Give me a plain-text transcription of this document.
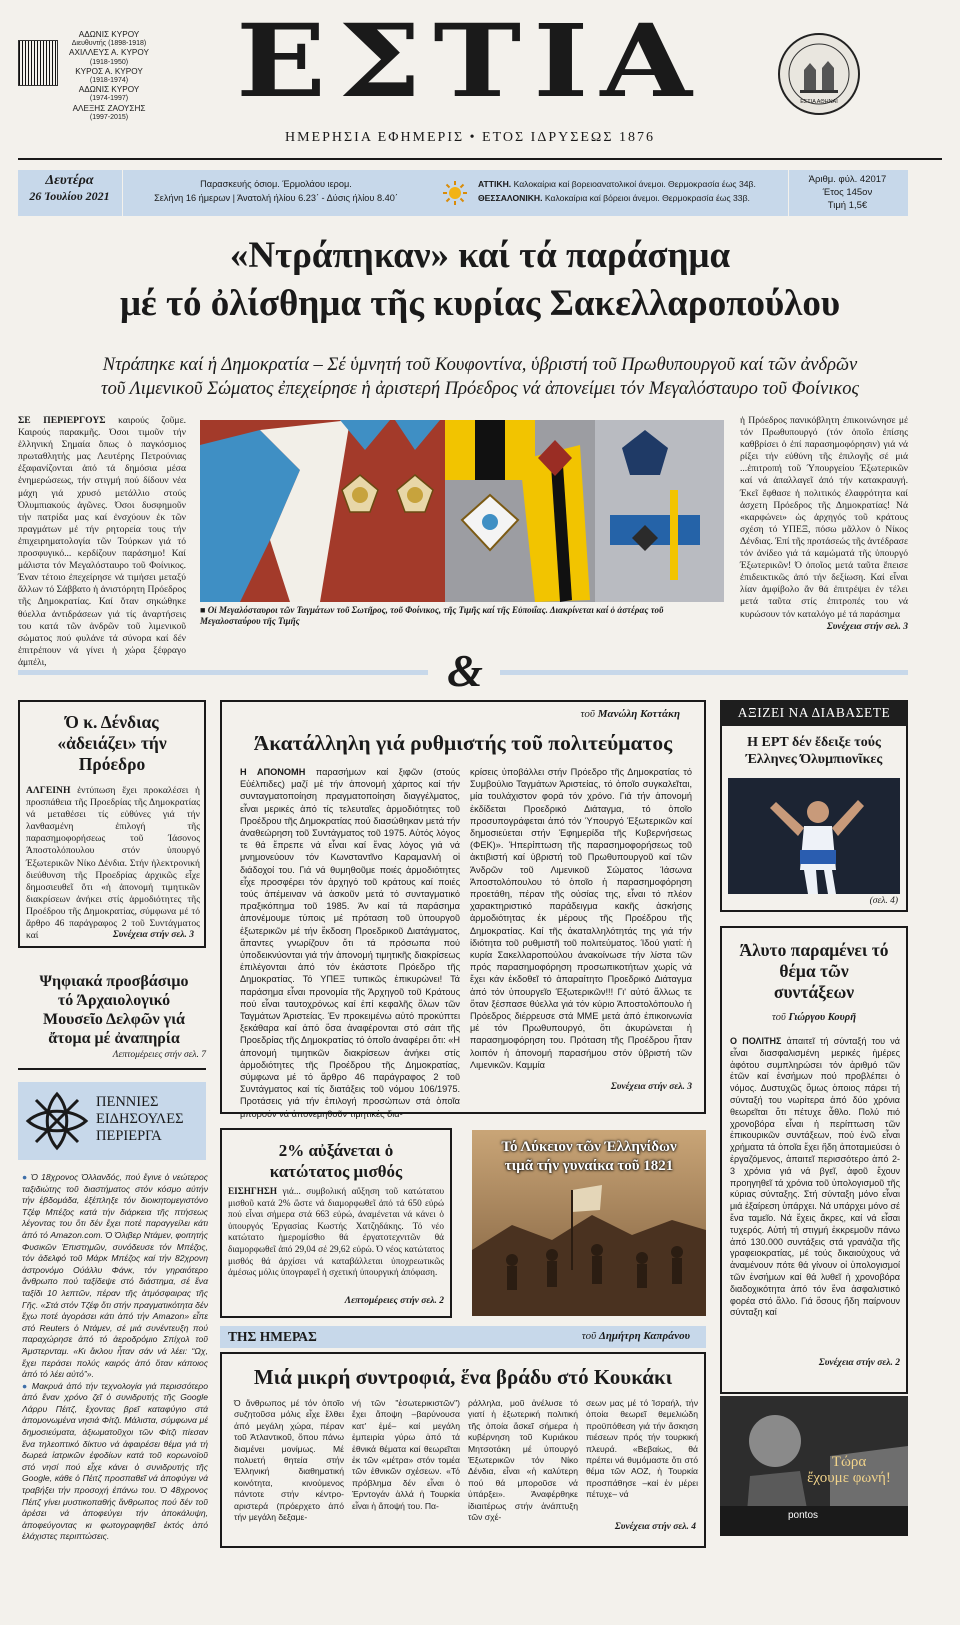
ΑΔΩΝΙΣ ΚΥΡΟΥ
Διευθυντής (1898-1918)
ΑΧΙΛΛΕΥΣ Α. ΚΥΡΟΥ
(1918-1950)
ΚΥΡΟΣ Α. ΚΥΡΟΥ
(1918-1974)
ΑΔΩΝΙΣ ΚΥΡΟΥ
(1974-1997)
ΑΛΕΞΗΣ ΖΑΟΥΣΗΣ
(1997-2015) ΕΣΤΙΑ
ΗΜΕΡΗΣΙΑ ΕΦΗΜΕΡΙΣ • ΕΤΟΣ ΙΔΡΥΣΕΩΣ 1876
ΕΣΤΙΑ ΑΘΗΝΑΙ
Δευτέρα
26 Ἰουλίου 2021
Παρασκευής όσιομ. Έρμολάου ιερομ.
Σελήνη 16 ήμερων | Άνατολή ήλίου 6.23΄ - Δύσις ήλίου 8.40΄
ΑΤΤΙΚΗ. Καλοκαίρια καί βορειοανατολικοί άνεμοι. Θερμοκρασία έως 34β.
ΘΕΣΣΑΛΟΝΙΚΗ. Καλοκαίρια καί βόρειοι άνεμοι. Θερμοκρασία έως 33β.
Άριθμ. φύλ. 42017
Έτος 145ον
Τιμή 1,5€
«Ντράπηκαν» καί τά παράσημα
μέ τό ὀλίσθημα τῆς κυρίας Σακελλαροπούλου
Ντράπηκε καί ἡ Δημοκρατία – Σέ ὑμνητή τοῦ Κουφοντίνα, ὑβριστή τοῦ Πρωθυπουργοῦ καί τῶν ἀνδρῶν
τοῦ Λιμενικοῦ Σώματος ἐπεχείρησε ἡ ἀριστερή Πρόεδρος νά ἀπονείμει τόν Μεγαλόσταυρο τοῦ Φοίνικος
ΣΕ ΠΕΡΙΕΡΓΟΥΣ καιρούς ζοῦμε. Καιρούς παρακμῆς. Όσοι τιμοῦν τήν ἑλληνική Σημαία ὅπως ὁ παγκόσμιος πρωταθλητής μας Λευτέρης Πετρούνιας ἐξαφανίζονται ἀπό τά δημόσια μέσα ἐνημερώσεως, τήν στιγμή πού δίδουν νέα μάχη γιά χρυσό μετάλλιο στούς Όλυμπιακούς ἀγῶνες. Όσοι δυσφημοῦν τήν πατρίδα μας καί ἐνσχύουν ἐκ τῶν πραγμάτων μέ τήν ρητορεία τους τήν ἐπιχειρηματολογία τῶν Τούρκων γιά τό προσφυγικό... κερδίζουν παράσημο! Καί μάλιστα τόν Μεγαλόσταυρο τοῦ Φοίνικος. Έναν τέτοιο ἐπεχείρησε νά τιμήσει μεταξύ ἄλλων τό Σάββατο ἡ ἀνιστόρητη Πρόεδρος τῆς Δημοκρατίας. Καί ὅταν σηκώθηκε θύελλα ἀντιδράσεων γιά τίς ἀναρτήσεις του κατά τῶν ἀνδρῶν τοῦ λιμενικοῦ σώματος πού φυλάνε τά σύνορα καί δέν ἐπιτρέπουν νά γίνει ἡ χώρα ξέφραγο ἀμπέλι,
■ Οἱ Μεγαλόσταυροι τῶν Ταγμάτων τοῦ Σωτῆρος, τοῦ Φοίνικος, τῆς Τιμῆς καί τῆς Εὐποιΐας. Διακρίνεται καί ὁ ἀστέρας τοῦ Μεγαλοσταύρου τῆς Τιμῆς
ἡ Πρόεδρος πανικόβλητη ἐπικοινώνησε μέ τόν Πρωθυπουργό (τόν ὁποῖο ἐπίσης καθβρίσει ὁ ἐπί παρασημοφόρησιν) γιά νά ρίξει τήν εὐθύνη τῆς ἐπιλογῆς σέ μιά ...ἐπιτροπή τοῦ Ύπουργείου Έξωτερικῶν καί νά ἀπαλλαγεῖ ἀπό τήν κατακραυγή. Έκεῖ ἔφθασε ἡ πολιτικός ἐλαφρότητα καί ἀσχετη Πρόεδρος τῆς Δημοκρατίας! Νά «καρφώνει» ὡς ἀρχηγός τοῦ κράτους σχέση τό ΥΠΕΞ, πόσω μᾶλλον ὁ Νίκος Δένδιας. Έπί τῆς προτάσεώς τῆς ἀντέδρασε τόν ἀνίδεο γιά τά καμώματά τῆς ὑπουργό Έξωτερικῶν! Ό ὁποῖος μετά ταῦτα ἔπεισε ἐπιδεικτικῶς ἀπό τήν δεξίωση. Καί εἶναι λίαν ἀμφίβολο ἄν θά ἐπιτρέψει ἐν τέλει μετά ταῦτα στίς ἐπιτροπές του νά κυρώσουν τόν καταλόγο μέ τά παράσημα
Συνέχεια στήν σελ. 3
&
Ό κ. Δένδιας «ἀδειάζει» τήν Πρόεδρο
ΑΛΓΕΙΝΗ ἐντύπωση ἔχει προκαλέσει ἡ προσπάθεια τῆς Προεδρίας τῆς Δημοκρατίας νά μεταθέσει τίς εὐθύνες γιά τήν λανθασμένη ἐπιλογή τῆς παρασημοφορήσεως τοῦ Ίάσονος Άποστολόπουλου στόν ὑπουργό Έξωτερικῶν Νίκο Δένδια. Στήν ἠλεκτρονική διεύθυνση τῆς Προεδρίας ἀρχικῶς εἶχε δημοσιευθεῖ ὅτι «ἡ ἀπονομή τιμητικῶν διακρίσεων ἀνήκει στίς ἁρμοδιότητες τῆς Προέδρου τῆς Δημοκρατίας, σύμφωνα μέ τό ἄρθρο 46 παράγραφος 2 τοῦ Συντάγματος καί	Συνέχεια στήν σελ. 3
Ψηφιακά προσβάσιμο τό Άρχαιολογικό Μουσεῖο Δελφῶν γιά ἄτομα μέ ἀναπηρία
Λεπτομέρειες στήν σελ. 7
ΠΕΝΝΙΕΣ ΕΙΔΗΣΟΥΛΕΣ ΠΕΡΙΕΡΓΑ

● Ό 18χρονος Όλλανδός, πού ἔγινε ὁ νεώτερος ταξιδιώτης τοῦ διαστήματος στόν κόσμο αὐτήν τήν ἑβδομάδα, ἐξέπληξε τόν διοικητομεγιστόνο Τζέφ Μπέζος κατά τήν διάρκεια τῆς πτήσεως λέγοντας του ὅτι δέν ἔχει ποτέ παραγγείλει κάτι ἀπό τό Amazon.com. Ό Όλιβερ Ντάμεν, φοιτητής Φυσικῶν Έπιστημῶν, συνόδευσε τόν Μπέζος, τόν ἀδελφό τοῦ Μάρκ Μπέζος καί τήν 82χρονη ἀστρονόμο Ούάλλυ Φάνκ, τόν γηραιότερο ἄνθρωπο πού ταξίδεψε στό διάστημα, σέ ἕνα ταξίδι 10 λεπτῶν, πέραν τῆς ἀτμόσφαιρας τῆς Γῆς. «Στά στόν Τζέφ ὅτι στήν πραγματικότητα δέν ἔχω ποτέ ἀγοράσει κάτι ἀπό τήν Amazon» εἶπε στό Reuters ὁ Ντάμεν, σέ μιά συνέντευξη πού παραχώρησε ἀπό τό ἀεροδρόμιο Σπίχολ τοῦ Άμστερνταμ. «Κι ἄκλου ἦταν σάν νά λέει: “Ωχ, ἔχει περάσει πολύς καιρός ἀπό ὅταν κάποιος ἀπό τό λέει αὐτό”».

● Μακρυά ἀπό τήν τεχνολογία γιά περισσότερο ἀπό ἕναν χρόνο ζεῖ ὁ συνιδρυτής τῆς Google Λάρρυ Πέιτζ, ἔχοντας βρεῖ καταφύγιο στά ἀπομονωμένα νησιά Φίτζι. Μάλιστα, σύμφωνα μέ δημοσιεύματα, ἀξιωματοῦχοι τῶν Φίτζι πίεσαν ἕνα τηλεοπτικό δίκτυο νά ἀφαιρέσει θέμα γιά τή δωρεά ἰατρικῶν ἐφοδίων κατά τοῦ κορωνοϊοῦ στό νησί πού εἶχε κάνει ὁ συνιδρυτής τῆς Google, κάθε ὁ Πέιτζ προσπαθεῖ νά ἀποφύγει νά τραβήξει τήν προσοχή ἐπάνω του. Ό 48χρονος Πέιτζ γίνει μυστικοπαθής ἄνθρωπος πού δέν τοῦ ἀρέσει νά ἀποφεύγει τήν ἀποκάλυψη, ἀποφεύγοντας κι φωτογραφηθεῖ ἐκτός ἀπό ἐλάχιστες περιπτώσεις.

τοῦ Μανώλη Κοττάκη
Άκατάλληλη γιά ρυθμιστής τοῦ πολιτεύματος
Η ΑΠΟΝΟΜΗ παρασήμων καί ξιφῶν (στούς Εὐέλπιδες) μαζί μέ τήν ἀπονομή χάριτος καί τήν συνταγματοποίηση πραγματοποίηση διαγγέλματος, εἶναι μερικές ἀπό τίς τελευταῖες ἁρμοδιότητες τοῦ Προέδρου τῆς Δημοκρατίας πού διασώθηκαν μετά τήν ἀναθεώρηση τοῦ Συντάγματος τοῦ 1975. Αὐτός λόγος τε θά ἔπρεπε νά εἶναι καί ἕνας λόγος γιά νά μνημονεύουν τόν Κωνσταντῖνο Καραμανλή οἱ διάδοχοί του. Γιά νά θυμηθοῦμε ποιές ἁρμοδιότητες εἶχε προσφέρει τόν ἀρχηγό τοῦ κράτους καί ποιές τούς ἀπέμειναν νά ἀσκοῦν μετά τό συνταγματικό πραξικόπημα τοῦ 1985. Άν καί τά παράσημα ἀπονέμουμε τύποις μέ πρόταση τοῦ ὑπουργοῦ ἐξωτερικῶν μέ τήν ἔκδοση Προεδρικοῦ Διατάγματος, ἅπαντες γνωρίζουν ὅτι τά πρόσωπα πού ὑποδεικνύονται γιά τήν ἀπονομή τιμητικῆς διακρίσεως ἐπιλέγονται ἀπό τόν ἐκάστοτε Πρόεδρο τῆς Δημοκρατίας. Τό ΥΠΕΞ τυπικῶς ἐπικυρώνει! Τά παράσημα εἶναι προνομία τῆς Άρχηγοῦ τοῦ Κράτους πού εἶναι ταυτοχρόνως καί ἐπί κεφαλῆς ὅλων τῶν Ταγμάτων Άριστείας. Έν προκειμένω αὐτό προκύπτει ξεκάθαρα καί ἀπό ὅσα ἀναφέρονται στό σάιτ τῆς Προεδρίας τῆς Δημοκρατίας τό ὁποῖο ἀναφέρει ὅτι: «Η ἀπονομή τιμητικῶν διακρίσεων ἀνήκει στίς ἁρμοδιότητες τῆς Προέδρου τῆς Δημοκρατίας, σύμφωνα μέ τό ἄρθρο 46 παράγραφος 2 τοῦ Συντάγματος καί τίς διατάξεις τοῦ νόμου 106/1975. Προτάσεις γιά τήν ἐπιλογή προσώπων στά ὁποῖα μπορούν νά ἀπονεμηθοῦν τιμητικές δια-
κρίσεις ὑποβάλλει στήν Πρόεδρο τῆς Δημοκρατίας τό Συμβούλιο Ταγμάτων Άριστείας, τό ὁποῖο συγκαλεῖται, μία τουλάχιστον φορά τόν χρόνο. Γιά τήν ἀπονομή ἐκδίδεται Προεδρικό Διάταγμα, τό ὁποῖο προσυπογράφεται ἀπό τόν Ύπουργό Έξωτερικῶν καί δημοσιεύεται στήν Έφημερίδα τῆς Κυβερνήσεως (ΦΕΚ)». Ήπερίπτωση τῆς παρασημοφορήσεως τοῦ ἀκτιβιστή καί ὑβριστή τοῦ Πρωθυπουργοῦ καί τῶν Άνδρῶν τοῦ Λιμενικοῦ Σώματος Ίάσωνα Άποστολόπουλου τό ὁποῖο ἡ παρασημοφόρηση προετάθη, πέραν τῆς οὐσίας της, εἶναι τό πλέον χαρακτηριστικό παράδειγμα κακῆς ἀσκήσης ἁρμοδιότητας ἐκ μέρους τῆς Προέδρου τῆς Δημοκρατίας. Καί τῆς ἀκαταλληλότητάς της γιά τήν ἰδιότητα τοῦ ρυθμιστῆ τοῦ πολιτεύματος. Ίδού γιατί: ἡ κυρία Σακελλαροπούλου ἀνακοίνωσε τήν λίστα τῶν πρός παρασημοφόρηση προσωπικοτήτων χωρίς νά ἔχει κάν ἐκδοθεῖ τό ἀπαραίτητο Προεδρικό Διάταγμα ἀπό τόν ὑπουργεῖο Έξωτερικῶν!!! Γι' αὐτό ἄλλως τε ὅταν ξέσπασε θύελλα γιά τόν κύριο Άποστολόπουλο ἡ Πρόεδρος διέρρευσε στά ΜΜΕ μετά ἀπό ἐπικοινωνία μέ τόν Πρωθυπουργό, ὅτι ἀκυρώνεται ἡ παρασημοφόρηση του. Πρόταση τῆς Προέδρου ἦταν λοιπόν ἡ ἀπονομή παρασήμου στόν ὑβριστή τῶν Λιμενικῶν. Καμμία
Συνέχεια στήν σελ. 3
2% αὐξάνεται ὁ κατώτατος μισθός
ΕΙΣΗΓΗΣΗ γιά... συμβολική αὔξηση τοῦ κατώτατου μισθοῦ κατά 2% ὥστε νά διαμορφωθεῖ ἀπό τά 650 εὐρώ πού εἶναι σήμερα στά 663 εὐρώ, ἀναμένεται νά κάνει ὁ ὑπουργός Έργασίας Κωστής Χατζηδάκης. Τό νέο κατώτατο ἡμερομίσθιο θά ἐργατοτεχνιτῶν θά διαμορφωθεῖ ἀπό 29,04 σέ 29,62 εὐρώ. Ό νέος κατώτατος μισθός θά ἀρχίσει νά καταβάλλεται ὑποχρεωτικῶς ἀμέσως μόλις ὑπογραφεῖ ἡ σχετική ὑπουργική ἀπόφαση.
Λεπτομέρειες στήν σελ. 2
Τό Λύκειον τῶν Έλληνίδων
τιμᾶ τήν γυναίκα τοῦ 1821
ΤΗΣ ΗΜΕΡΑΣ	τοῦ Δημήτρη Καπράνου
Μιά μικρή συντροφιά, ἕνα βράδυ στό Κουκάκι
Ό ἄνθρωπος μέ τόν ὁποῖο συζητοῦσα μόλις εἶχε ἔλθει ἀπό μεγάλη χώρα, πέραν τοῦ Άτλαντικοῦ, ὅπου πάνω διαμένει μονίμως. Μέ πολυετή θητεία στήν Έλληνική διαθηματική κοινότητα, κινούμενος πάντοτε στήν κέντρο-αριστερά (πρόερχετο ἀπό τήν μεγάλη δεξαμε-
νή τῶν "ἐσωτερικιστῶν") ἔχει ἄποψη –βαρύνουσα κατ' ἐμέ– καί μεγάλη ἐμπειρία γύρω ἀπό τά ἐθνικά θέματα καί θεωρεῖται ἐκ τῶν «μέτρα» στόν τομέα τῶν ἐθνικῶν σχέσεων. «Τό πρόβλημα δέν εἶναι ὁ Έρντογάν ἀλλά ἡ Τουρκία εἶναι ἡ ἄποψή του. Πα-
ράλληλα, μοῦ ἀνέλυσε τό γιατί ἡ ἐξωτερική πολιτική τῆς ὁποία ἄσκεῖ σήμερα ἡ κυβέρνηση τοῦ Κυριάκου Μητσοτάκη μέ ὑπουργό Έξωτερικῶν τόν Νίκο Δένδια, εἶναι «ἡ καλύτερη πού θά μποροῦσε νά ὑπάρξει». Άναφέρθηκε ἰδιαιτέρως στήν ἀνάπτυξη τῶν σχέ-
σεων μας μέ τό Ίσραήλ, τήν ὁποία θεωρεῖ θεμελιώδη προϋπόθεση γιά τήν ἄσκηση πιέσεων πρός τήν τουρκική πλευρά. «Βεβαίως, θά πρέπει νά θυμόμαστε ὅτι στό θέμα τῶν ΑΟΖ, ἡ Τουρκία προσπάθησε –καί ἐν μέρει πέτυχε– νά
Συνέχεια στήν σελ. 4
ΑΞΙΖΕΙ ΝΑ ΔΙΑΒΑΣΕΤΕ
Η ΕΡΤ δέν ἔδειξε τούς Έλληνες Όλυμπιονῖκες
(σελ. 4)
Άλυτο παραμένει τό θέμα τῶν συντάξεων
τοῦ Γιώργου Κουρῆ
Ο ΠΟΛΙΤΗΣ ἀπαιτεῖ τή σύνταξή του νά εἶναι διασφαλισμένη μερικές ἡμέρες ἀφότου συμπληρώσει τόν ἀριθμό τῶν ἐτῶν καί ἐνσήμων πού προβλέπει ὁ νόμος. Δυστυχῶς ὅμως ὁποιος πάρει τή σύνταξή του νωρίτερα ἀπό δύο χρόνια θεωρεῖται ὅτι πέτυχε ἆθλο. Πολύ πιό χρονοβόρα εἶναι ἡ περίπτωση τῶν ἐπικουρικῶν συντάξεων, πού ἐνῶ εἶναι χρήματα τά ὁποῖα ἔχει ἤδη ἀποταμιεύσει ὁ ἐργαζόμενος, ἀπαιτεῖ περισσότερο ἀπό 2-3 χρόνια γιά νά βγεῖ, ἀφοῦ ἔχουν προηγηθεῖ τά χρόνια τοῦ ὑπολογισμοῦ τῆς κύριας σύνταξης. Στή σύνταξη μόνο εἶναι μιά ἐξαίρεση ὑπάρχει. Νά υπάρχει μόνο σέ ἕνα ταμεῖο. Νά ἔχεις ἄκρες, καί νά εἶσαι τυχερός. Αὐτή τή στιγμή ἐκκρεμοῦν πάνω ἀπό 130.000 συντάξεις στά γρανάζια τῆς γραφειοκρατίας, μέ τούς δικαιούχους νά ἀναμένουν πότε θά γίνουν οἱ ὑπολογισμοί τῶν ἐνσήμων καί θά λυθεῖ ἡ χρονοβόρα διαδοχικότητα ἀπό τόν ἕνα ἀσφαλιστικό φορέα στό ἄλλο. Γιά ὅσους ἤδη παίρνουν σύνταξη καί
Συνέχεια στήν σελ. 2
Τώρα
ἔχουμε φωνή!
pontos
